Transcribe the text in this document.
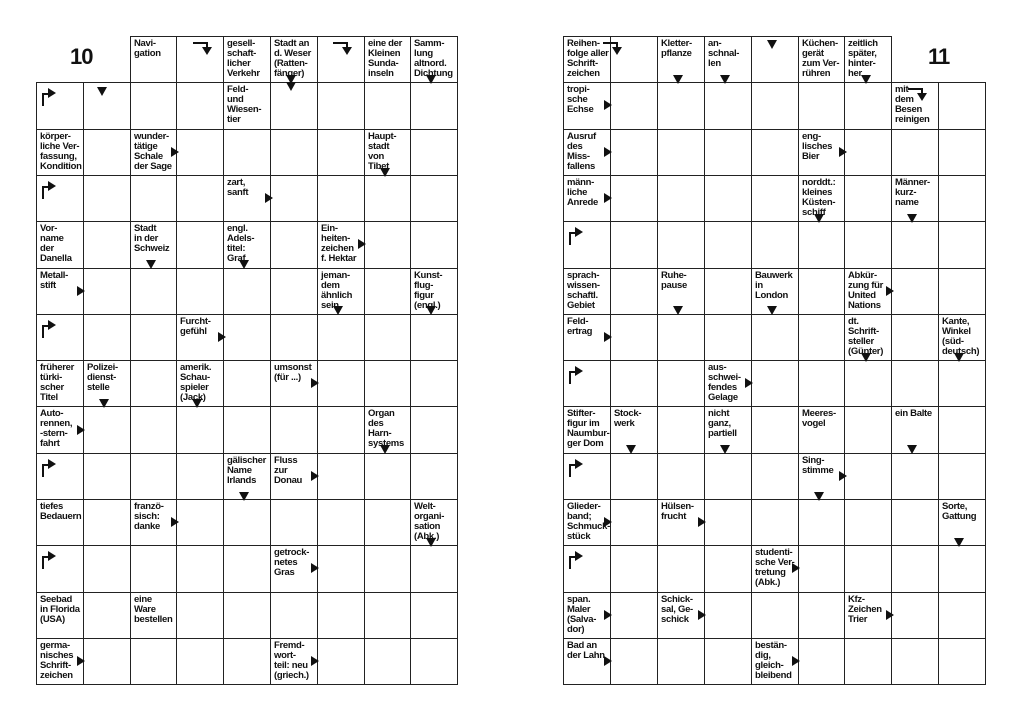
10	11
Navi-
gation
gesell-
schaft-
licher
Verkehr
Stadt an
d. Weser
(Ratten-
fänger)
eine der
Kleinen
Sunda-
inseln
Samm-
lung
altnord.
Dichtung
Feld-
und
Wiesen-
tier
körper-
liche Ver-
fassung,
Kondition
wunder-
tätige
Schale
der Sage
Haupt-
stadt
von
Tibet
zart,
sanft
Vor-
name
der
Danella
Stadt
in der
Schweiz
engl.
Adels-
titel:
Graf
Ein-
heiten-
zeichen
f. Hektar
Metall-
stift
jeman-
dem
ähnlich
sein
Kunst-
flug-
figur
(engl.)
Furcht-
gefühl
früherer
türki-
scher
Titel
Polizei-
dienst-
stelle
amerik.
Schau-
spieler
(Jack)
umsonst
(für ...)
Auto-
rennen,
-stern-
fahrt
Organ
des
Harn-
systems
gälischer
Name
Irlands
Fluss
zur
Donau
tiefes
Bedauern
franzö-
sisch:
danke
Welt-
organi-
sation
(Abk.)
getrock-
netes
Gras
Seebad
in Florida
(USA)
eine
Ware
bestellen
germa-
nisches
Schrift-
zeichen
Fremd-
wort-
teil: neu
(griech.)
Reihen-
folge aller
Schrift-
zeichen
Kletter-
pflanze
an-
schnal-
len
Küchen-
gerät
zum Ver-
rühren
zeitlich
später,
hinter-
her
tropi-
sche
Echse
mit
dem
Besen
reinigen
Ausruf
des
Miss-
fallens
eng-
lisches
Bier
männ-
liche
Anrede
norddt.:
kleines
Küsten-
schiff
Männer-
kurz-
name
sprach-
wissen-
schaftl.
Gebiet
Ruhe-
pause
Bauwerk
in
London
Abkür-
zung für
United
Nations
Feld-
ertrag
dt.
Schrift-
steller
(Günter)
Kante,
Winkel
(süd-
deutsch)
aus-
schwei-
fendes
Gelage
Stifter-
figur im
Naumbur-
ger Dom
Stock-
werk
nicht
ganz,
partiell
Meeres-
vogel
ein Balte
Sing-
stimme
Glieder-
band;
Schmuck-
stück
Hülsen-
frucht
Sorte,
Gattung
studenti-
sche Ver-
tretung
(Abk.)
span.
Maler
(Salva-
dor)
Schick-
sal, Ge-
schick
Kfz-
Zeichen
Trier
Bad an
der Lahn
bestän-
dig,
gleich-
bleibend
